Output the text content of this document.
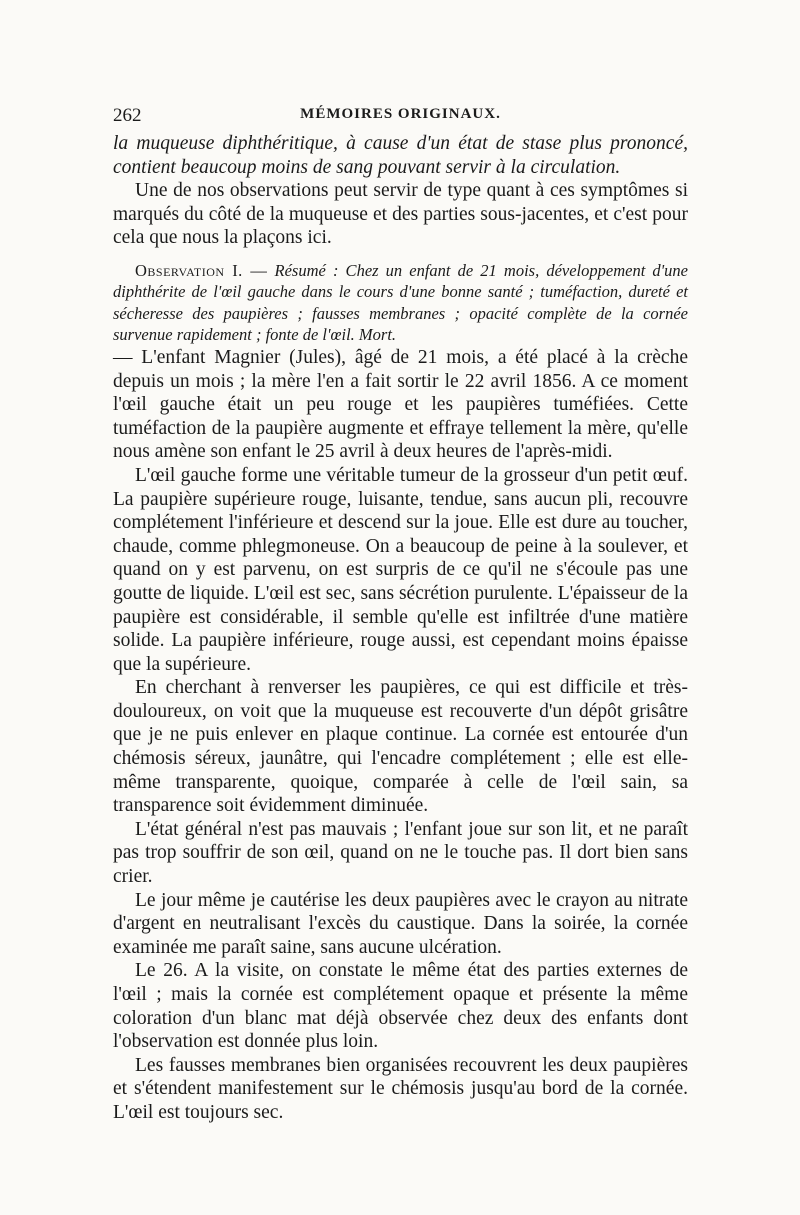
262	MÉMOIRES ORIGINAUX.

la muqueuse diphthéritique, à cause d'un état de stase plus prononcé, contient beaucoup moins de sang pouvant servir à la circulation.

Une de nos observations peut servir de type quant à ces symptômes si marqués du côté de la muqueuse et des parties sous-jacentes, et c'est pour cela que nous la plaçons ici.

Observation I. — Résumé : Chez un enfant de 21 mois, développement d'une diphthérite de l'œil gauche dans le cours d'une bonne santé ; tuméfaction, dureté et sécheresse des paupières ; fausses membranes ; opacité complète de la cornée survenue rapidement ; fonte de l'œil. Mort.

— L'enfant Magnier (Jules), âgé de 21 mois, a été placé à la crèche depuis un mois ; la mère l'en a fait sortir le 22 avril 1856. A ce moment l'œil gauche était un peu rouge et les paupières tuméfiées. Cette tuméfaction de la paupière augmente et effraye tellement la mère, qu'elle nous amène son enfant le 25 avril à deux heures de l'après-midi.

L'œil gauche forme une véritable tumeur de la grosseur d'un petit œuf. La paupière supérieure rouge, luisante, tendue, sans aucun pli, recouvre complétement l'inférieure et descend sur la joue. Elle est dure au toucher, chaude, comme phlegmoneuse. On a beaucoup de peine à la soulever, et quand on y est parvenu, on est surpris de ce qu'il ne s'écoule pas une goutte de liquide. L'œil est sec, sans sécrétion purulente. L'épaisseur de la paupière est considérable, il semble qu'elle est infiltrée d'une matière solide. La paupière inférieure, rouge aussi, est cependant moins épaisse que la supérieure.

En cherchant à renverser les paupières, ce qui est difficile et très-douloureux, on voit que la muqueuse est recouverte d'un dépôt grisâtre que je ne puis enlever en plaque continue. La cornée est entourée d'un chémosis séreux, jaunâtre, qui l'encadre complétement ; elle est elle-même transparente, quoique, comparée à celle de l'œil sain, sa transparence soit évidemment diminuée.

L'état général n'est pas mauvais ; l'enfant joue sur son lit, et ne paraît pas trop souffrir de son œil, quand on ne le touche pas. Il dort bien sans crier.

Le jour même je cautérise les deux paupières avec le crayon au nitrate d'argent en neutralisant l'excès du caustique. Dans la soirée, la cornée examinée me paraît saine, sans aucune ulcération.

Le 26. A la visite, on constate le même état des parties externes de l'œil ; mais la cornée est complétement opaque et présente la même coloration d'un blanc mat déjà observée chez deux des enfants dont l'observation est donnée plus loin.

Les fausses membranes bien organisées recouvrent les deux paupières et s'étendent manifestement sur le chémosis jusqu'au bord de la cornée. L'œil est toujours sec.
